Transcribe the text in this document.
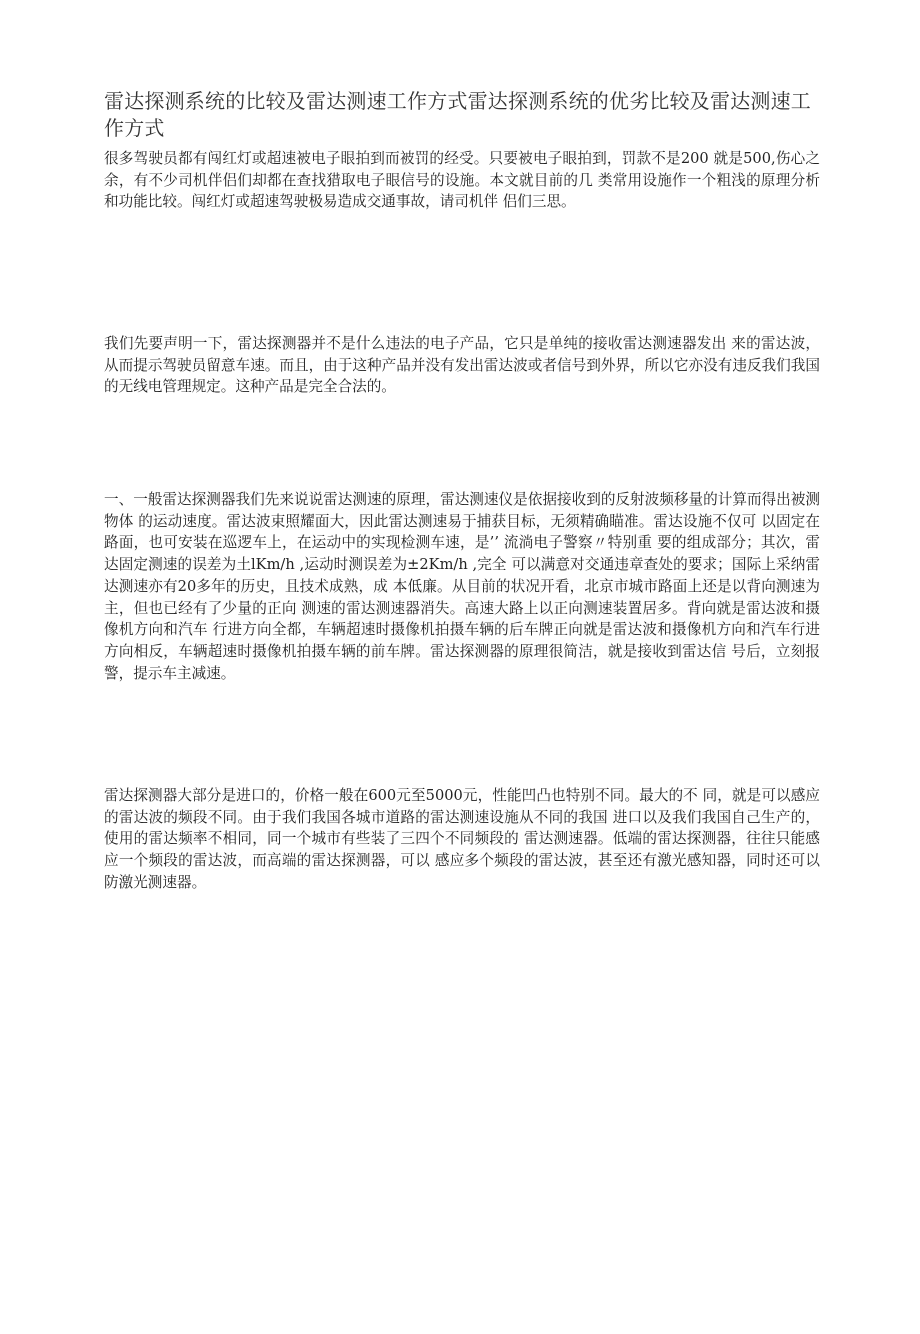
雷达探测系统的比较及雷达测速工作方式雷达探测系统的优劣比较及雷达测速工作方式

很多驾驶员都有闯红灯或超速被电子眼拍到而被罚的经受。只要被电子眼拍到，罚款不是200 就是500,伤心之余，有不少司机伴侣们却都在查找猎取电子眼信号的设施。本文就目前的几 类常用设施作一个粗浅的原理分析和功能比较。闯红灯或超速驾驶极易造成交通事故，请司机伴 侣们三思。

我们先要声明一下，雷达探测器并不是什么违法的电子产品，它只是单纯的接收雷达测速器发出 来的雷达波，从而提示驾驶员留意车速。而且，由于这种产品并没有发出雷达波或者信号到外界，所以它亦没有违反我们我国的无线电管理规定。这种产品是完全合法的。

一、一般雷达探测器我们先来说说雷达测速的原理，雷达测速仪是依据接收到的反射波频移量的计算而得出被测物体 的运动速度。雷达波束照耀面大，因此雷达测速易于捕获目标，无须精确瞄准。雷达设施不仅可 以固定在路面，也可安装在巡逻车上，在运动中的实现检测车速，是’’ 流淌电子警察〃特别重 要的组成部分；其次，雷达固定测速的误差为土lKm/h ,运动时测误差为±2Km/h ,完全 可以满意对交通违章查处的要求；国际上采纳雷达测速亦有20多年的历史，且技术成熟，成 本低廉。从目前的状况开看，北京市城市路面上还是以背向测速为主，但也已经有了少量的正向 测速的雷达测速器消失。高速大路上以正向测速装置居多。背向就是雷达波和摄像机方向和汽车 行进方向全都，车辆超速时摄像机拍摄车辆的后车牌正向就是雷达波和摄像机方向和汽车行进 方向相反，车辆超速时摄像机拍摄车辆的前车牌。雷达探测器的原理很简洁，就是接收到雷达信 号后，立刻报警，提示车主减速。

雷达探测器大部分是进口的，价格一般在600元至5000元，性能凹凸也特别不同。最大的不 同，就是可以感应的雷达波的频段不同。由于我们我国各城市道路的雷达测速设施从不同的我国 进口以及我们我国自己生产的，使用的雷达频率不相同，同一个城市有些装了三四个不同频段的 雷达测速器。低端的雷达探测器，往往只能感应一个频段的雷达波，而高端的雷达探测器，可以 感应多个频段的雷达波，甚至还有激光感知器，同时还可以防激光测速器。
